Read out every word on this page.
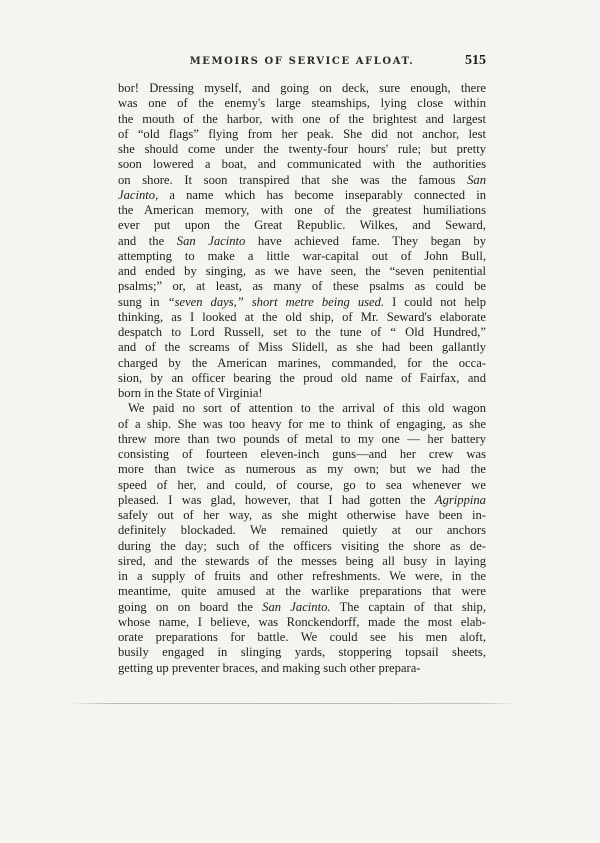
MEMOIRS OF SERVICE AFLOAT.	515
bor! Dressing myself, and going on deck, sure enough, there
was one of the enemy's large steamships, lying close within
the mouth of the harbor, with one of the brightest and largest
of “old flags” flying from her peak. She did not anchor, lest
she should come under the twenty-four hours' rule; but pretty
soon lowered a boat, and communicated with the authorities
on shore. It soon transpired that she was the famous San
Jacinto, a name which has become inseparably connected in
the American memory, with one of the greatest humiliations
ever put upon the Great Republic. Wilkes, and Seward,
and the San Jacinto have achieved fame. They began by
attempting to make a little war-capital out of John Bull,
and ended by singing, as we have seen, the “seven penitential
psalms;” or, at least, as many of these psalms as could be
sung in “seven days,” short metre being used. I could not help
thinking, as I looked at the old ship, of Mr. Seward's elaborate
despatch to Lord Russell, set to the tune of “ Old Hundred,”
and of the screams of Miss Slidell, as she had been gallantly
charged by the American marines, commanded, for the occa-
sion, by an officer bearing the proud old name of Fairfax, and
born in the State of Virginia!
We paid no sort of attention to the arrival of this old wagon
of a ship. She was too heavy for me to think of engaging, as she
threw more than two pounds of metal to my one — her battery
consisting of fourteen eleven-inch guns—and her crew was
more than twice as numerous as my own; but we had the
speed of her, and could, of course, go to sea whenever we
pleased. I was glad, however, that I had gotten the Agrippina
safely out of her way, as she might otherwise have been in-
definitely blockaded. We remained quietly at our anchors
during the day; such of the officers visiting the shore as de-
sired, and the stewards of the messes being all busy in laying
in a supply of fruits and other refreshments. We were, in the
meantime, quite amused at the warlike preparations that were
going on on board the San Jacinto. The captain of that ship,
whose name, I believe, was Ronckendorff, made the most elab-
orate preparations for battle. We could see his men aloft,
busily engaged in slinging yards, stoppering topsail sheets,
getting up preventer braces, and making such other prepara-
